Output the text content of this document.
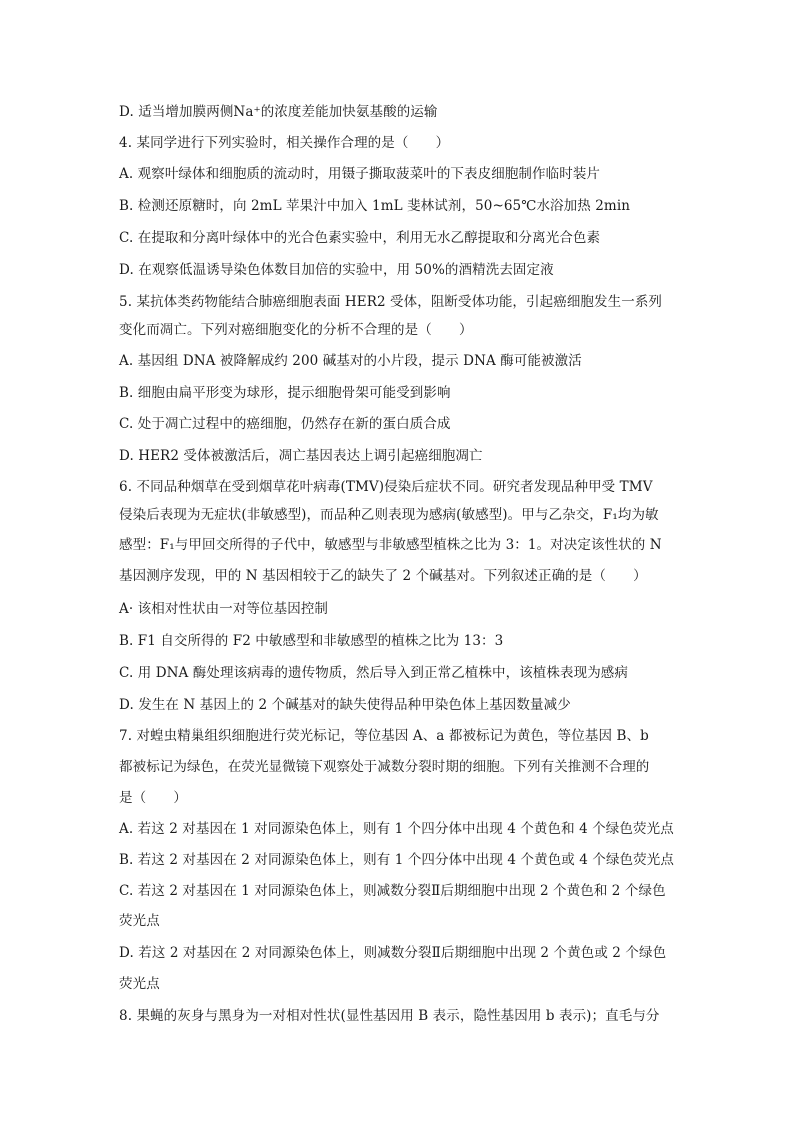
D. 适当增加膜两侧Na⁺的浓度差能加快氨基酸的运输
4. 某同学进行下列实验时，相关操作合理的是（　　）
A. 观察叶绿体和细胞质的流动时，用镊子撕取菠菜叶的下表皮细胞制作临时装片
B. 检测还原糖时，向 2mL 苹果汁中加入 1mL 斐林试剂，50~65℃水浴加热 2min
C. 在提取和分离叶绿体中的光合色素实验中，利用无水乙醇提取和分离光合色素
D. 在观察低温诱导染色体数目加倍的实验中，用 50%的酒精洗去固定液
5. 某抗体类药物能结合肺癌细胞表面 HER2 受体，阻断受体功能，引起癌细胞发生一系列
变化而凋亡。下列对癌细胞变化的分析不合理的是（　　）
A. 基因组 DNA 被降解成约 200 碱基对的小片段，提示 DNA 酶可能被激活
B. 细胞由扁平形变为球形，提示细胞骨架可能受到影响
C. 处于凋亡过程中的癌细胞，仍然存在新的蛋白质合成
D. HER2 受体被激活后，凋亡基因表达上调引起癌细胞凋亡
6. 不同品种烟草在受到烟草花叶病毒(TMV)侵染后症状不同。研究者发现品种甲受 TMV
侵染后表现为无症状(非敏感型)，而品种乙则表现为感病(敏感型)。甲与乙杂交，F₁均为敏
感型：F₁与甲回交所得的子代中，敏感型与非敏感型植株之比为 3：1。对决定该性状的 N
基因测序发现，甲的 N 基因相较于乙的缺失了 2 个碱基对。下列叙述正确的是（　　）
A· 该相对性状由一对等位基因控制
B. F1 自交所得的 F2 中敏感型和非敏感型的植株之比为 13：3
C. 用 DNA 酶处理该病毒的遗传物质，然后导入到正常乙植株中，该植株表现为感病
D. 发生在 N 基因上的 2 个碱基对的缺失使得品种甲染色体上基因数量减少
7. 对蝗虫精巢组织细胞进行荧光标记，等位基因 A、a 都被标记为黄色，等位基因 B、b
都被标记为绿色，在荧光显微镜下观察处于减数分裂时期的细胞。下列有关推测不合理的
是（　　）
A. 若这 2 对基因在 1 对同源染色体上，则有 1 个四分体中出现 4 个黄色和 4 个绿色荧光点
B. 若这 2 对基因在 2 对同源染色体上，则有 1 个四分体中出现 4 个黄色或 4 个绿色荧光点
C. 若这 2 对基因在 1 对同源染色体上，则减数分裂Ⅱ后期细胞中出现 2 个黄色和 2 个绿色
荧光点
D. 若这 2 对基因在 2 对同源染色体上，则减数分裂Ⅱ后期细胞中出现 2 个黄色或 2 个绿色
荧光点
8. 果蝇的灰身与黑身为一对相对性状(显性基因用 B 表示，隐性基因用 b 表示)；直毛与分
